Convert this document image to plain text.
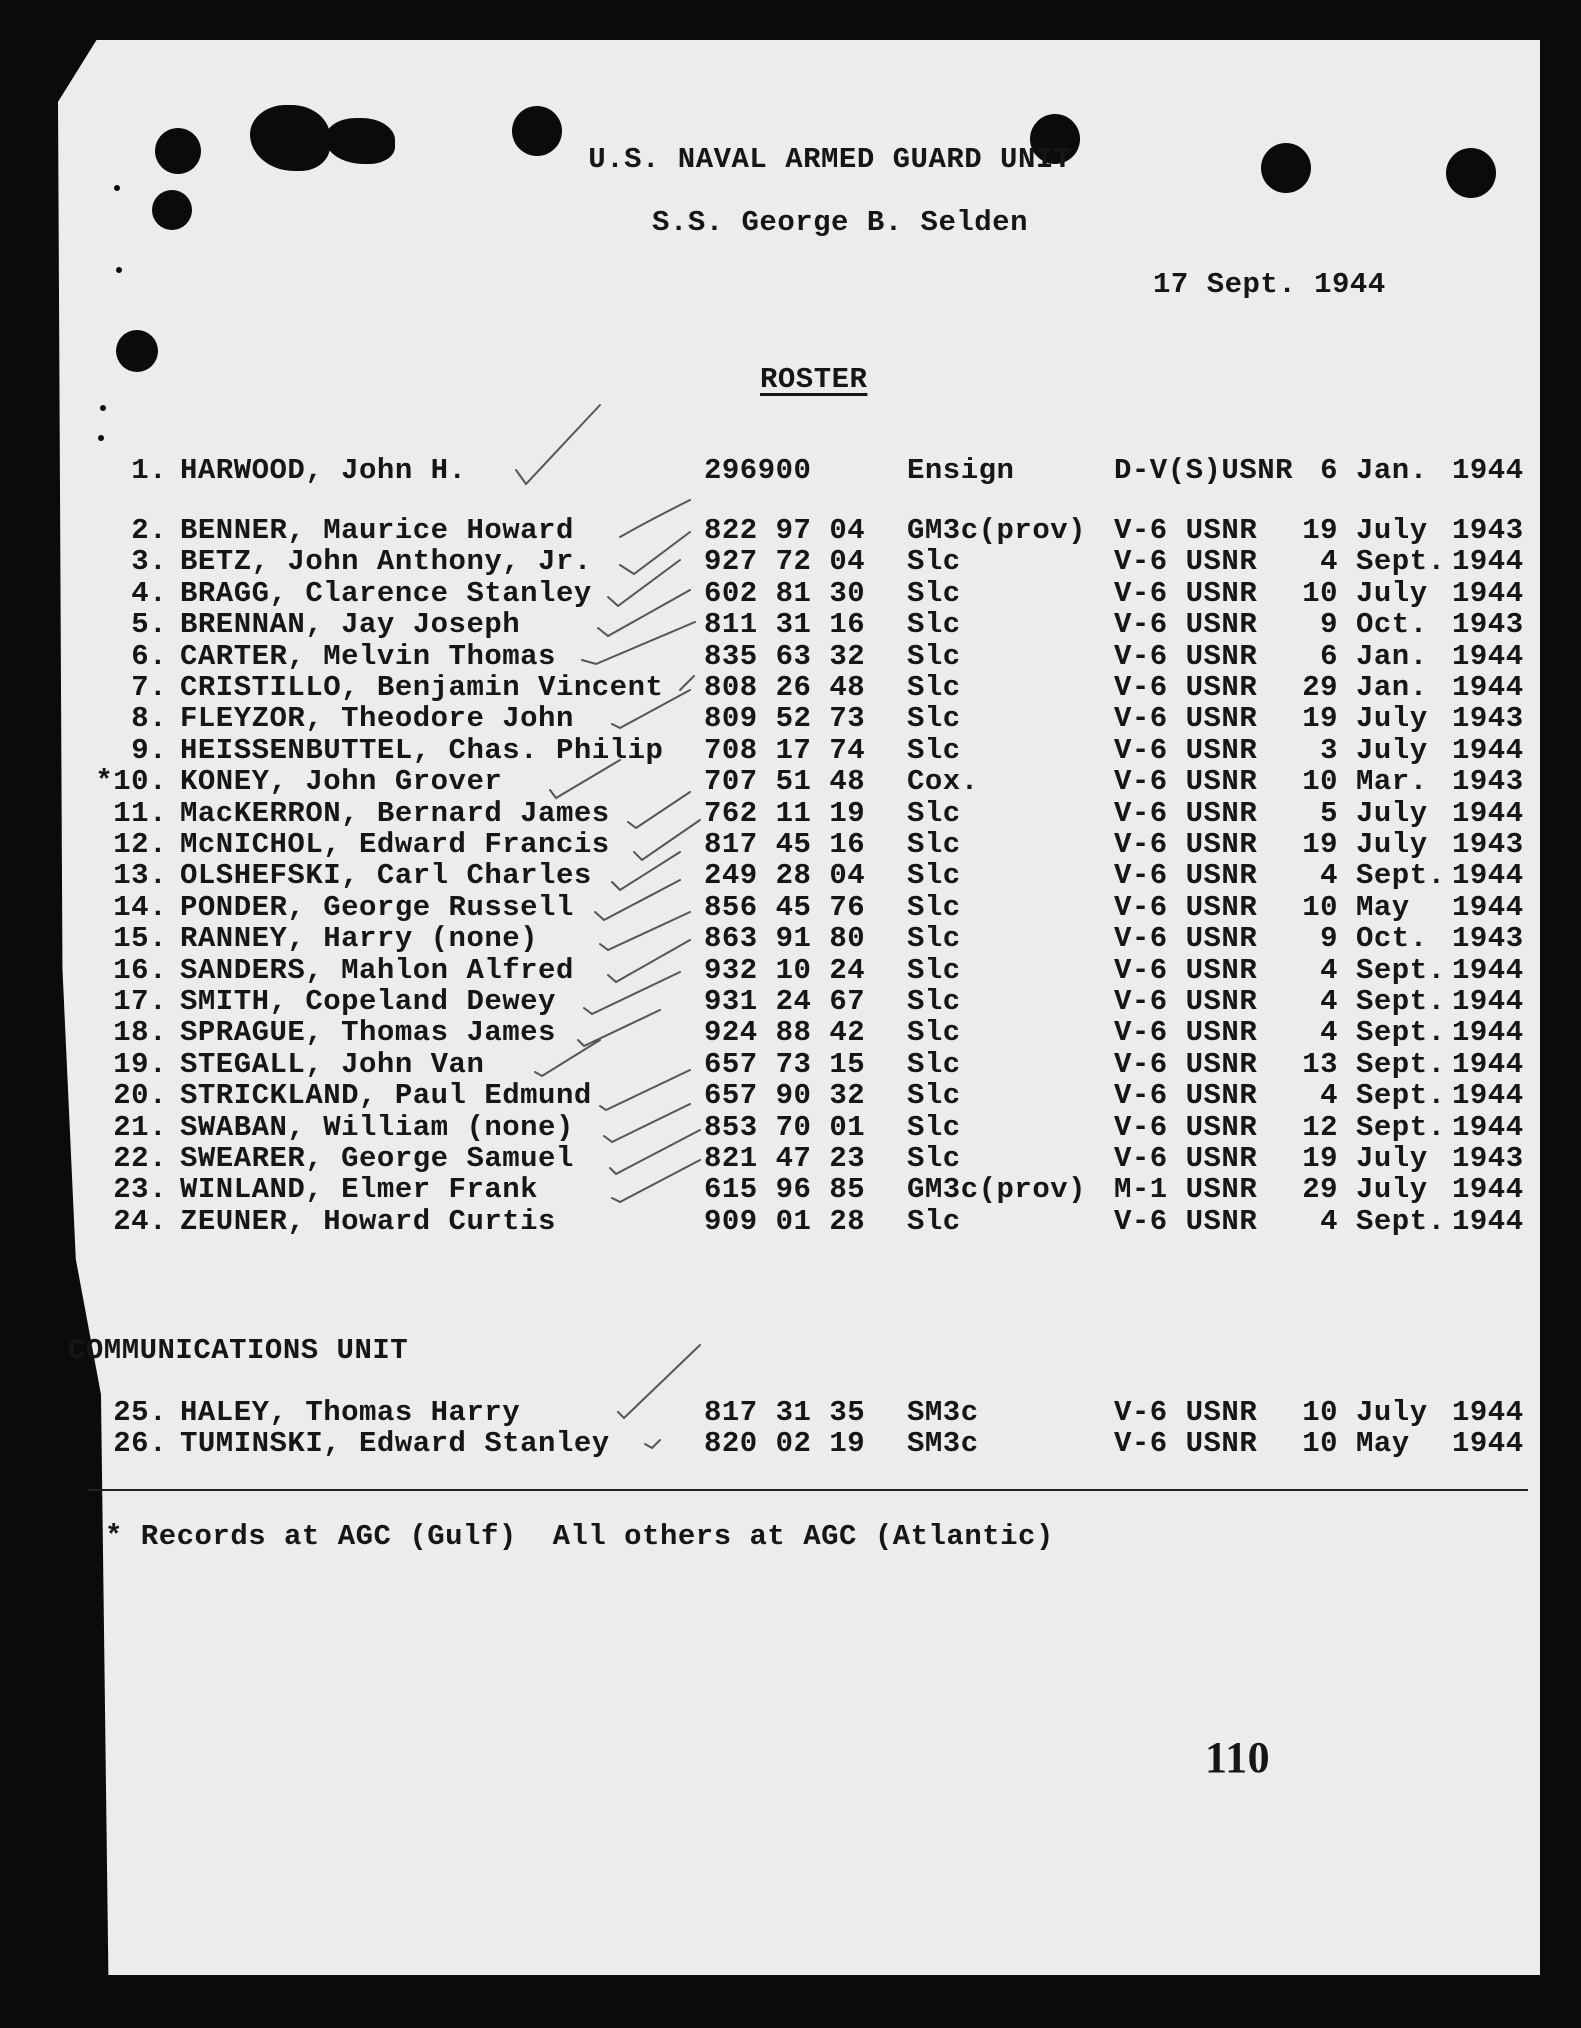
U.S. NAVAL ARMED GUARD UNIT
S.S. George B. Selden
17 Sept. 1944
ROSTER
1. HARWOOD, John H.	296900	Ensign	D-V(S)USNR 6 Jan. 1944
2. BENNER, Maurice Howard	822 97 04 GM3c(prov) V-6 USNR	19 July 1943
3. BETZ, John Anthony, Jr.	927 72 04 Slc	V-6 USNR	4 Sept. 1944
4. BRAGG, Clarence Stanley	602 81 30 Slc	V-6 USNR	10 July 1944
5. BRENNAN, Jay Joseph	811 31 16 Slc	V-6 USNR	9 Oct. 1943
6. CARTER, Melvin Thomas	835 63 32 Slc	V-6 USNR	6 Jan. 1944
7. CRISTILLO, Benjamin Vincent 808 26 48 Slc	V-6 USNR	29 Jan. 1944
8. FLEYZOR, Theodore John	809 52 73 Slc	V-6 USNR	19 July 1943
9. HEISSENBUTTEL, Chas. Philip 708 17 74 Slc	V-6 USNR	3 July 1944
*10. KONEY, John Grover	707 51 48 Cox.	V-6 USNR	10 Mar. 1943
11. MacKERRON, Bernard James	762 11 19 Slc	V-6 USNR	5 July 1944
12. McNICHOL, Edward Francis	817 45 16 Slc	V-6 USNR	19 July 1943
13. OLSHEFSKI, Carl Charles	249 28 04 Slc	V-6 USNR	4 Sept. 1944
14. PONDER, George Russell	856 45 76 Slc	V-6 USNR	10 May 1944
15. RANNEY, Harry (none)	863 91 80 Slc	V-6 USNR	9 Oct. 1943
16. SANDERS, Mahlon Alfred	932 10 24 Slc	V-6 USNR	4 Sept. 1944
17. SMITH, Copeland Dewey	931 24 67 Slc	V-6 USNR	4 Sept. 1944
18. SPRAGUE, Thomas James	924 88 42 Slc	V-6 USNR	4 Sept. 1944
19. STEGALL, John Van	657 73 15 Slc	V-6 USNR	13 Sept. 1944
20. STRICKLAND, Paul Edmund	657 90 32 Slc	V-6 USNR	4 Sept. 1944
21. SWABAN, William (none)	853 70 01 Slc	V-6 USNR	12 Sept. 1944
22. SWEARER, George Samuel	821 47 23 Slc	V-6 USNR	19 July 1943
23. WINLAND, Elmer Frank	615 96 85 GM3c(prov) M-1 USNR	29 July 1944
24. ZEUNER, Howard Curtis	909 01 28 Slc	V-6 USNR	4 Sept. 1944
COMMUNICATIONS UNIT
25. HALEY, Thomas Harry	817 31 35 SM3c	V-6 USNR	10 July 1944
26. TUMINSKI, Edward Stanley	820 02 19 SM3c	V-6 USNR	10 May 1944
* Records at AGC (Gulf)  All others at AGC (Atlantic)
110
